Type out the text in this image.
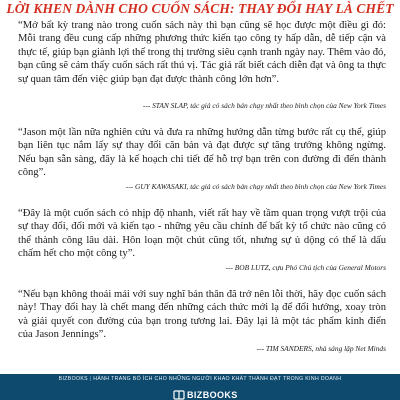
LỜI KHEN DÀNH CHO CUỐN SÁCH: THAY ĐỔI HAY LÀ CHẾT
“Mở bất kỳ trang nào trong cuốn sách này thì bạn cũng sẽ học được một điều gì đó: Mỗi trang đều cung cấp những phương thức kiến tạo công ty hấp dẫn, dễ tiếp cận và thực tế, giúp bạn giành lợi thế trong thị trường siêu cạnh tranh ngày nay. Thêm vào đó, bạn cũng sẽ cảm thấy cuốn sách rất thú vị. Tác giả rất biết cách diễn đạt và ông ta thực sự quan tâm đến việc giúp bạn đạt được thành công lớn hơn”.
--- STAN SLAP, tác giả có sách bán chạy nhất theo bình chọn của New York Times
“Jason một lần nữa nghiên cứu và đưa ra những hướng dẫn từng bước rất cụ thể, giúp bạn liên tục nắm lấy sự thay đổi căn bản và đạt được sự tăng trưởng không ngừng. Nếu bạn sẵn sàng, đây là kế hoạch chi tiết để hỗ trợ bạn trên con đường đi đến thành công”.
--- GUY KAWASAKI, tác giả có sách bán chạy nhất theo bình chọn của New York Times
“Đây là một cuốn sách có nhịp độ nhanh, viết rất hay về tầm quan trọng vượt trội của sự thay đổi, đổi mới và kiến tạo - những yêu cầu chính để bất kỳ tổ chức nào cũng có thể thành công lâu dài. Hôn loạn một chút cũng tốt, nhưng sự ủ dộng có thể là dấu chấm hết cho một công ty”.
--- BOB LUTZ, cựu Phó Chủ tịch của General Motors
“Nếu bạn không thoái mái với suy nghĩ bản thân đã trở nên lỗi thời, hãy đọc cuốn sách này! Thay đổi hay là chết mang đến những cách thức mới lạ để đổi hướng, xoay tròn và giải quyết con đường của bạn trong tương lai. Đây lại là một tác phẩm kinh điển của Jason Jennings”.
--- TIM SANDERS, nhà sáng lập Net Minds
BIZBOOKS | HÀNH TRANG BỔ ÍCH CHO NHỮNG NGƯỜI KHAO KHÁT THÀNH ĐẠT TRONG KINH DOANH
BIZBOOKS
